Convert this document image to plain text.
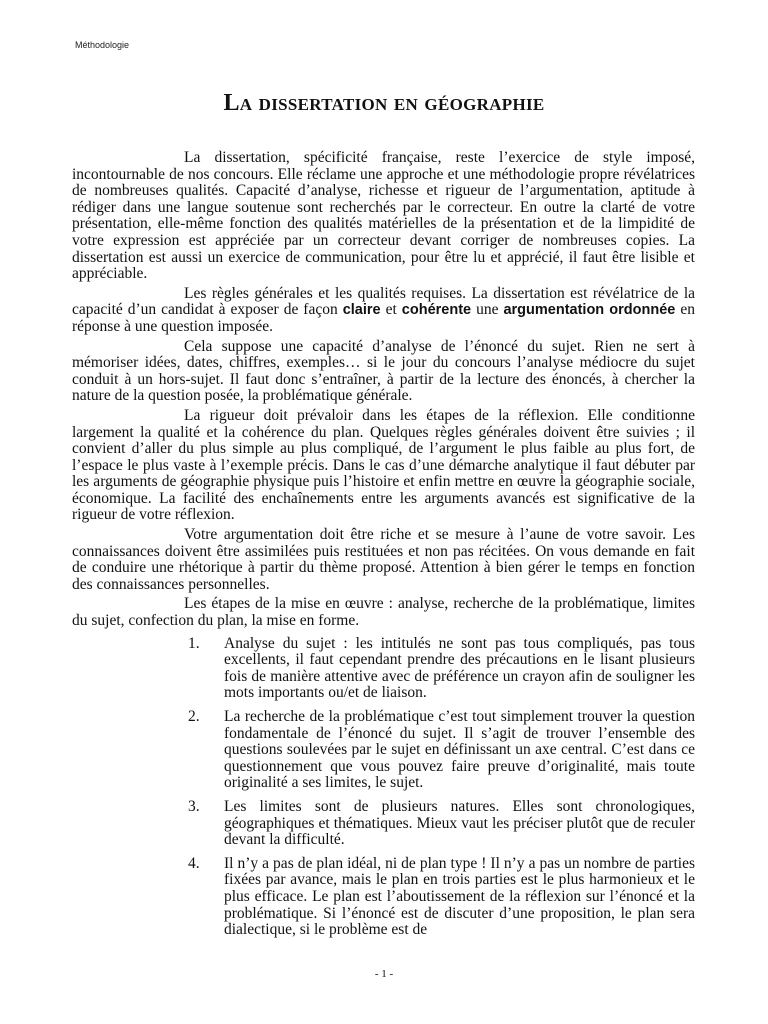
Méthodologie
La dissertation en géographie

La dissertation, spécificité française, reste l’exercice de style imposé, incontournable de nos concours. Elle réclame une approche et une méthodologie propre révélatrices de nombreuses qualités. Capacité d’analyse, richesse et rigueur de l’argumentation, aptitude à rédiger dans une langue soutenue sont recherchés par le correcteur. En outre la clarté de votre présentation, elle-même fonction des qualités matérielles de la présentation et de la limpidité de votre expression est appréciée par un correcteur devant corriger de nombreuses copies. La dissertation est aussi un exercice de communication, pour être lu et apprécié, il faut être lisible et appréciable.

Les règles générales et les qualités requises. La dissertation est révélatrice de la capacité d’un candidat à exposer de façon claire et cohérente une argumentation ordonnée en réponse à une question imposée.

Cela suppose une capacité d’analyse de l’énoncé du sujet. Rien ne sert à mémoriser idées, dates, chiffres, exemples… si le jour du concours l’analyse médiocre du sujet conduit à un hors-sujet. Il faut donc s’entraîner, à partir de la lecture des énoncés, à chercher la nature de la question posée, la problématique générale.

La rigueur doit prévaloir dans les étapes de la réflexion. Elle conditionne largement la qualité et la cohérence du plan. Quelques règles générales doivent être suivies ; il convient d’aller du plus simple au plus compliqué, de l’argument le plus faible au plus fort, de l’espace le plus vaste à l’exemple précis. Dans le cas d’une démarche analytique il faut débuter par les arguments de géographie physique puis l’histoire et enfin mettre en œuvre la géographie sociale, économique. La facilité des enchaînements entre les arguments avancés est significative de la rigueur de votre réflexion.

Votre argumentation doit être riche et se mesure à l’aune de votre savoir. Les connaissances doivent être assimilées puis restituées et non pas récitées. On vous demande en fait de conduire une rhétorique à partir du thème proposé. Attention à bien gérer le temps en fonction des connaissances personnelles.

Les étapes de la mise en œuvre : analyse, recherche de la problématique, limites du sujet, confection du plan, la mise en forme.

1. Analyse du sujet : les intitulés ne sont pas tous compliqués, pas tous excellents, il faut cependant prendre des précautions en le lisant plusieurs fois de manière attentive avec de préférence un crayon afin de souligner les mots importants ou/et de liaison.
2. La recherche de la problématique c’est tout simplement trouver la question fondamentale de l’énoncé du sujet. Il s’agit de trouver l’ensemble des questions soulevées par le sujet en définissant un axe central. C’est dans ce questionnement que vous pouvez faire preuve d’originalité, mais toute originalité a ses limites, le sujet.
3. Les limites sont de plusieurs natures. Elles sont chronologiques, géographiques et thématiques. Mieux vaut les préciser plutôt que de reculer devant la difficulté.
4. Il n’y a pas de plan idéal, ni de plan type ! Il n’y a pas un nombre de parties fixées par avance, mais le plan en trois parties est le plus harmonieux et le plus efficace. Le plan est l’aboutissement de la réflexion sur l’énoncé et la problématique. Si l’énoncé est de discuter d’une proposition, le plan sera dialectique, si le problème est de
- 1 -
